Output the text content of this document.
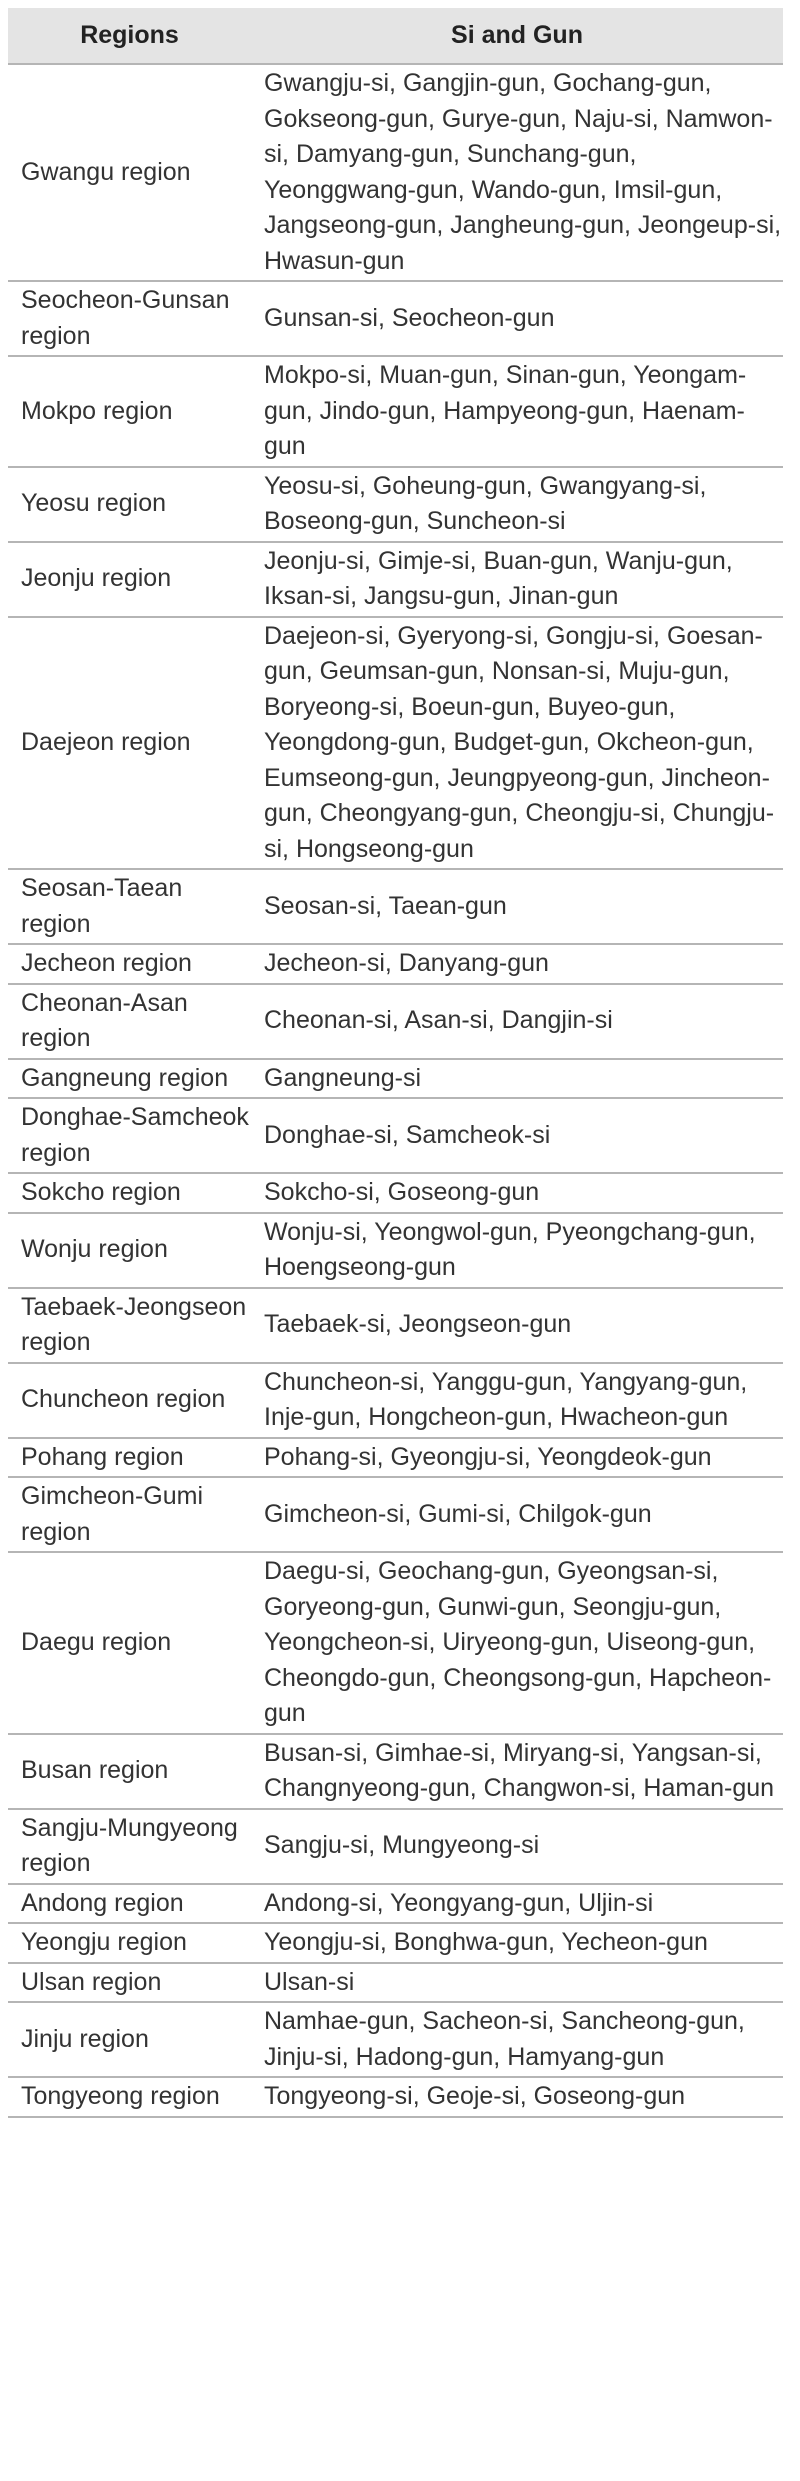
Regions	Si and Gun
Gwangu region	Gwangju-si, Gangjin-gun, Gochang-gun, Gokseong-gun, Gurye-gun, Naju-si, Namwon-si, Damyang-gun, Sunchang-gun, Yeonggwang-gun, Wando-gun, Imsil-gun, Jangseong-gun, Jangheung-gun, Jeongeup-si, Hwasun-gun
Seocheon-Gunsan region	Gunsan-si, Seocheon-gun
Mokpo region	Mokpo-si, Muan-gun, Sinan-gun, Yeongam-gun, Jindo-gun, Hampyeong-gun, Haenam-gun
Yeosu region	Yeosu-si, Goheung-gun, Gwangyang-si, Boseong-gun, Suncheon-si
Jeonju region	Jeonju-si, Gimje-si, Buan-gun, Wanju-gun, Iksan-si, Jangsu-gun, Jinan-gun
Daejeon region	Daejeon-si, Gyeryong-si, Gongju-si, Goesan-gun, Geumsan-gun, Nonsan-si, Muju-gun, Boryeong-si, Boeun-gun, Buyeo-gun, Yeongdong-gun, Budget-gun, Okcheon-gun, Eumseong-gun, Jeungpyeong-gun, Jincheon-gun, Cheongyang-gun, Cheongju-si, Chungju-si, Hongseong-gun
Seosan-Taean region	Seosan-si, Taean-gun
Jecheon region	Jecheon-si, Danyang-gun
Cheonan-Asan region	Cheonan-si, Asan-si, Dangjin-si
Gangneung region	Gangneung-si
Donghae-Samcheok region	Donghae-si, Samcheok-si
Sokcho region	Sokcho-si, Goseong-gun
Wonju region	Wonju-si, Yeongwol-gun, Pyeongchang-gun, Hoengseong-gun
Taebaek-Jeongseon region	Taebaek-si, Jeongseon-gun
Chuncheon region	Chuncheon-si, Yanggu-gun, Yangyang-gun, Inje-gun, Hongcheon-gun, Hwacheon-gun
Pohang region	Pohang-si, Gyeongju-si, Yeongdeok-gun
Gimcheon-Gumi region	Gimcheon-si, Gumi-si, Chilgok-gun
Daegu region	Daegu-si, Geochang-gun, Gyeongsan-si, Goryeong-gun, Gunwi-gun, Seongju-gun, Yeongcheon-si, Uiryeong-gun, Uiseong-gun, Cheongdo-gun, Cheongsong-gun, Hapcheon-gun
Busan region	Busan-si, Gimhae-si, Miryang-si, Yangsan-si, Changnyeong-gun, Changwon-si, Haman-gun
Sangju-Mungyeong region	Sangju-si, Mungyeong-si
Andong region	Andong-si, Yeongyang-gun, Uljin-si
Yeongju region	Yeongju-si, Bonghwa-gun, Yecheon-gun
Ulsan region	Ulsan-si
Jinju region	Namhae-gun, Sacheon-si, Sancheong-gun, Jinju-si, Hadong-gun, Hamyang-gun
Tongyeong region	Tongyeong-si, Geoje-si, Goseong-gun
